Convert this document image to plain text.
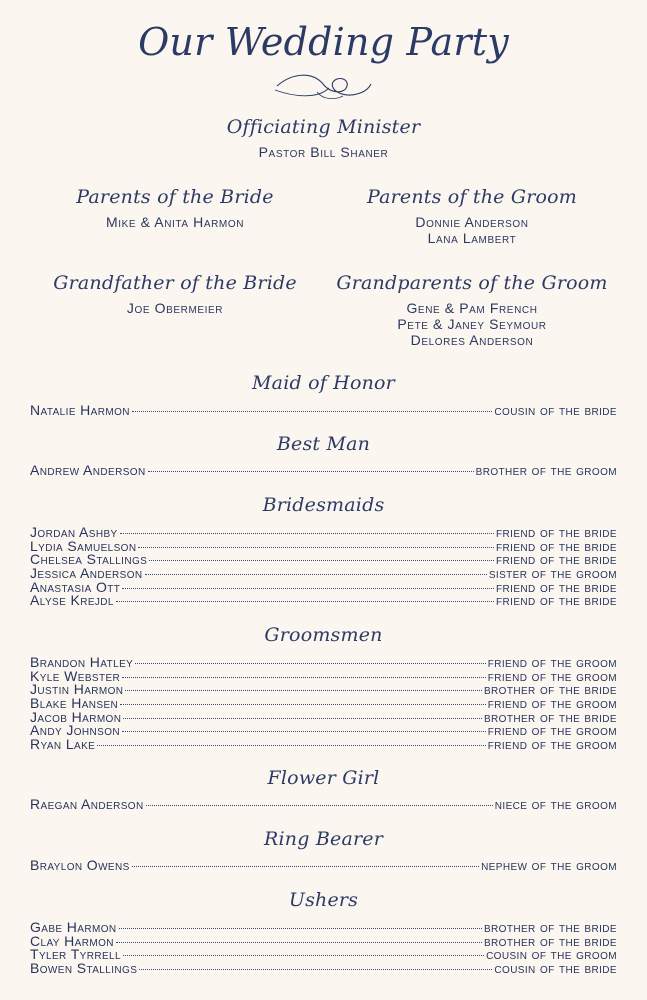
Our Wedding Party
Officiating Minister
Pastor Bill Shaner
Parents of the Bride
Mike & Anita Harmon
Parents of the Groom
Donnie Anderson
Lana Lambert
Grandfather of the Bride
Joe Obermeier
Grandparents of the Groom
Gene & Pam French
Pete & Janey Seymour
Delores Anderson
Maid of Honor
Natalie Harmon	cousin of the bride
Best Man
Andrew Anderson	brother of the groom
Bridesmaids
Jordan Ashby	friend of the bride
Lydia Samuelson	friend of the bride
Chelsea Stallings	friend of the bride
Jessica Anderson	sister of the groom
Anastasia Ott	friend of the bride
Alyse Krejdl	friend of the bride
Groomsmen
Brandon Hatley	friend of the groom
Kyle Webster	friend of the groom
Justin Harmon	brother of the bride
Blake Hansen	friend of the groom
Jacob Harmon	brother of the bride
Andy Johnson	friend of the groom
Ryan Lake	friend of the groom
Flower Girl
Raegan Anderson	niece of the groom
Ring Bearer
Braylon Owens	nephew of the groom
Ushers
Gabe Harmon	brother of the bride
Clay Harmon	brother of the bride
Tyler Tyrrell	cousin of the groom
Bowen Stallings	cousin of the bride
